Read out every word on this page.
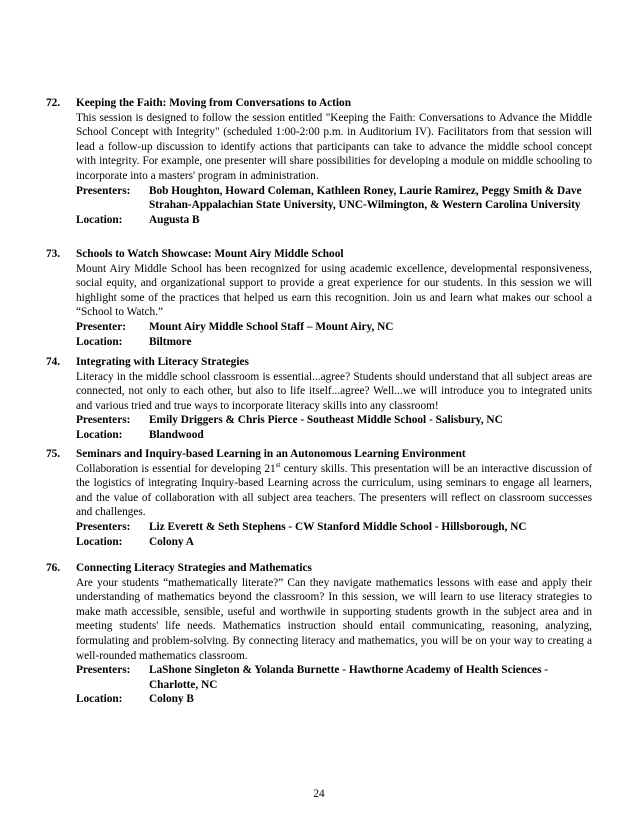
72.	Keeping the Faith: Moving from Conversations to Action
This session is designed to follow the session entitled "Keeping the Faith: Conversations to Advance the Middle School Concept with Integrity" (scheduled 1:00-2:00 p.m. in Auditorium IV). Facilitators from that session will lead a follow-up discussion to identify actions that participants can take to advance the middle school concept with integrity. For example, one presenter will share possibilities for developing a module on middle schooling to incorporate into a masters' program in administration.
Presenters:	Bob Houghton, Howard Coleman, Kathleen Roney, Laurie Ramirez, Peggy Smith & Dave Strahan-Appalachian State University, UNC-Wilmington, & Western Carolina University
Location:	Augusta B
73.	Schools to Watch Showcase: Mount Airy Middle School
Mount Airy Middle School has been recognized for using academic excellence, developmental responsiveness, social equity, and organizational support to provide a great experience for our students. In this session we will highlight some of the practices that helped us earn this recognition. Join us and learn what makes our school a “School to Watch.”
Presenter:	Mount Airy Middle School Staff – Mount Airy, NC
Location:	Biltmore
74.	Integrating with Literacy Strategies
Literacy in the middle school classroom is essential...agree? Students should understand that all subject areas are connected, not only to each other, but also to life itself...agree? Well...we will introduce you to integrated units and various tried and true ways to incorporate literacy skills into any classroom!
Presenters:	Emily Driggers & Chris Pierce - Southeast Middle School - Salisbury, NC
Location:	Blandwood
75.	Seminars and Inquiry-based Learning in an Autonomous Learning Environment
Collaboration is essential for developing 21st century skills. This presentation will be an interactive discussion of the logistics of integrating Inquiry-based Learning across the curriculum, using seminars to engage all learners, and the value of collaboration with all subject area teachers. The presenters will reflect on classroom successes and challenges.
Presenters:	Liz Everett & Seth Stephens - CW Stanford Middle School - Hillsborough, NC
Location:	Colony A
76.	Connecting Literacy Strategies and Mathematics
Are your students “mathematically literate?” Can they navigate mathematics lessons with ease and apply their understanding of mathematics beyond the classroom? In this session, we will learn to use literacy strategies to make math accessible, sensible, useful and worthwile in supporting students growth in the subject area and in meeting students' life needs. Mathematics instruction should entail communicating, reasoning, analyzing, formulating and problem-solving. By connecting literacy and mathematics, you will be on your way to creating a well-rounded mathematics classroom.
Presenters:	LaShone Singleton & Yolanda Burnette - Hawthorne Academy of Health Sciences - Charlotte, NC
Location:	Colony B
24
